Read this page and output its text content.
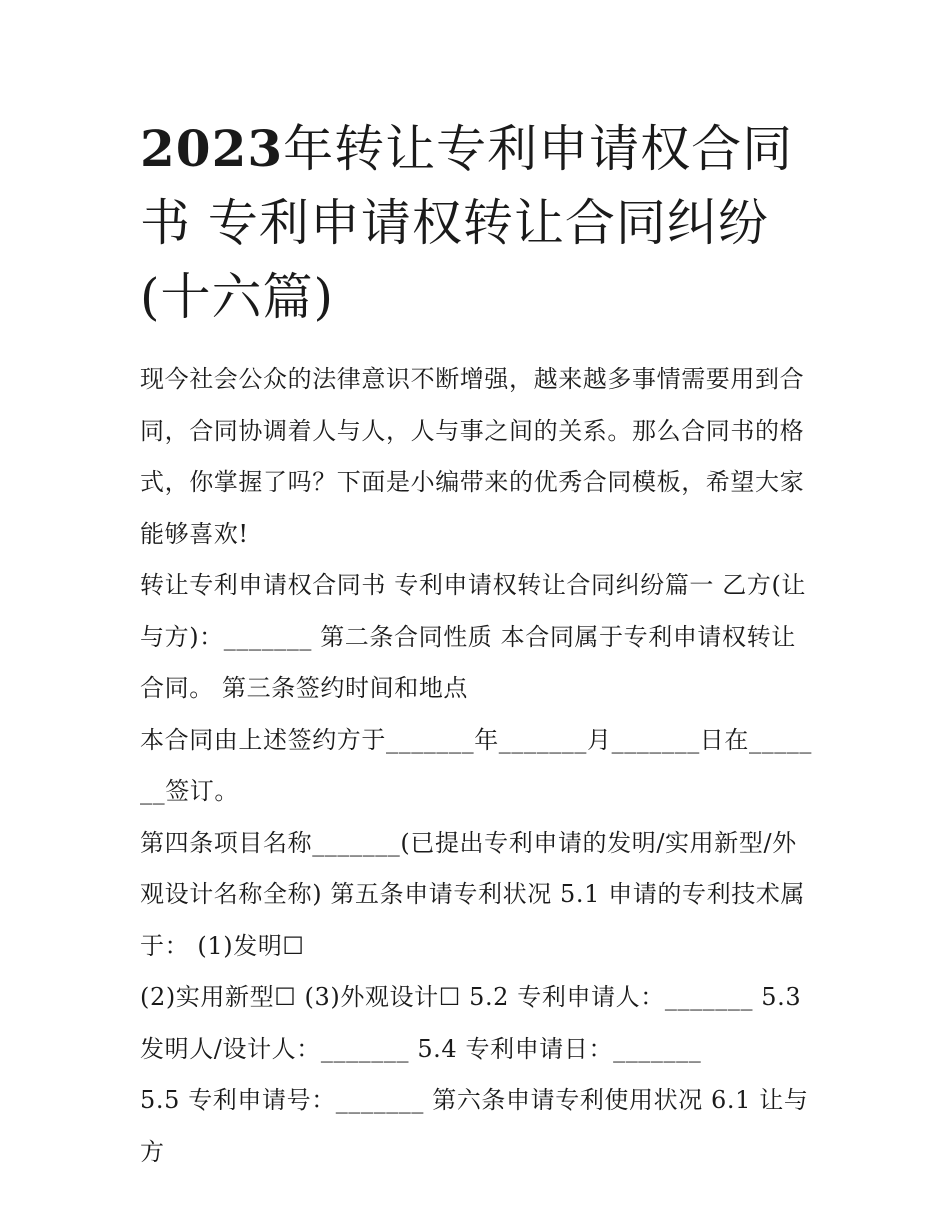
2023年转让专利申请权合同书 专利申请权转让合同纠纷(十六篇)

现今社会公众的法律意识不断增强，越来越多事情需要用到合同，合同协调着人与人，人与事之间的关系。那么合同书的格式，你掌握了吗？下面是小编带来的优秀合同模板，希望大家能够喜欢!

转让专利申请权合同书 专利申请权转让合同纠纷篇一 乙方(让与方)：_______ 第二条合同性质 本合同属于专利申请权转让合同。 第三条签约时间和地点

本合同由上述签约方于_______年_______月_______日在_______签订。

第四条项目名称_______(已提出专利申请的发明/实用新型/外观设计名称全称) 第五条申请专利状况 5.1 申请的专利技术属于： (1)发明☐

(2)实用新型☐ (3)外观设计☐ 5.2 专利申请人：_______ 5.3 发明人/设计人：_______ 5.4 专利申请日：_______

5.5 专利申请号：_______ 第六条申请专利使用状况 6.1 让与方
